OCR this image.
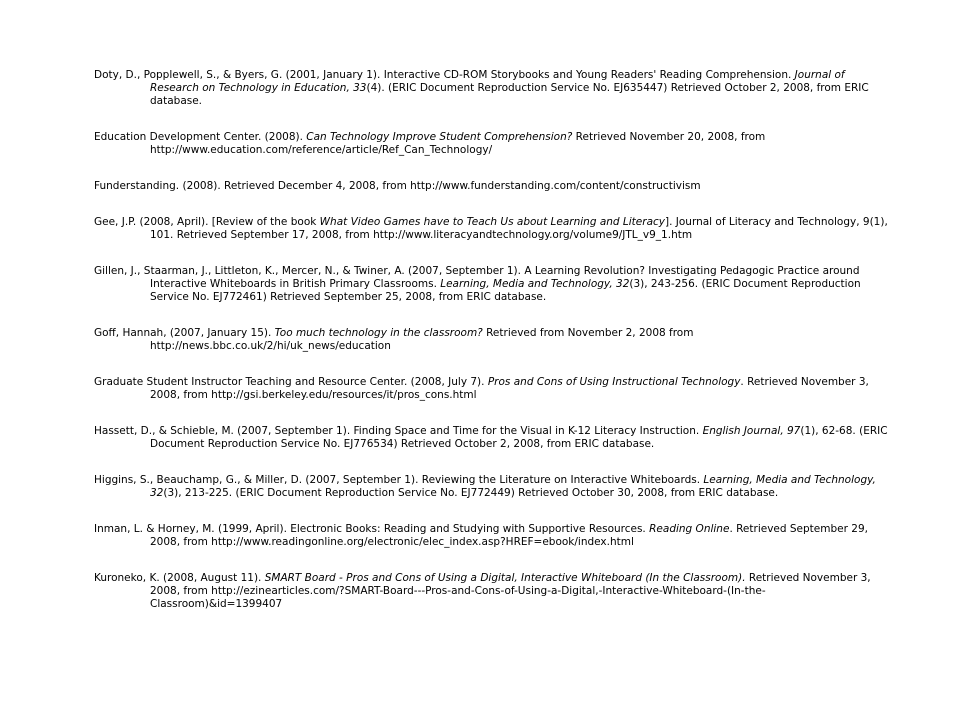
Doty, D., Popplewell, S., & Byers, G. (2001, January 1). Interactive CD-ROM Storybooks and Young Readers' Reading Comprehension. Journal of Research on Technology in Education, 33(4). (ERIC Document Reproduction Service No. EJ635447) Retrieved October 2, 2008, from ERIC database.

Education Development Center. (2008). Can Technology Improve Student Comprehension? Retrieved November 20, 2008, from http://www.education.com/reference/article/Ref_Can_Technology/

Funderstanding. (2008). Retrieved December 4, 2008, from http://www.funderstanding.com/content/constructivism

Gee, J.P. (2008, April). [Review of the book What Video Games have to Teach Us about Learning and Literacy]. Journal of Literacy and Technology, 9(1), 101. Retrieved September 17, 2008, from http://www.literacyandtechnology.org/volume9/JTL_v9_1.htm

Gillen, J., Staarman, J., Littleton, K., Mercer, N., & Twiner, A. (2007, September 1). A Learning Revolution? Investigating Pedagogic Practice around Interactive Whiteboards in British Primary Classrooms. Learning, Media and Technology, 32(3), 243-256. (ERIC Document Reproduction Service No. EJ772461) Retrieved September 25, 2008, from ERIC database.

Goff, Hannah, (2007, January 15). Too much technology in the classroom? Retrieved from November 2, 2008 from http://news.bbc.co.uk/2/hi/uk_news/education

Graduate Student Instructor Teaching and Resource Center. (2008, July 7). Pros and Cons of Using Instructional Technology. Retrieved November 3, 2008, from http://gsi.berkeley.edu/resources/it/pros_cons.html

Hassett, D., & Schieble, M. (2007, September 1). Finding Space and Time for the Visual in K-12 Literacy Instruction. English Journal, 97(1), 62-68. (ERIC Document Reproduction Service No. EJ776534) Retrieved October 2, 2008, from ERIC database.

Higgins, S., Beauchamp, G., & Miller, D. (2007, September 1). Reviewing the Literature on Interactive Whiteboards. Learning, Media and Technology, 32(3), 213-225. (ERIC Document Reproduction Service No. EJ772449) Retrieved October 30, 2008, from ERIC database.

Inman, L. & Horney, M. (1999, April). Electronic Books: Reading and Studying with Supportive Resources. Reading Online. Retrieved September 29, 2008, from http://www.readingonline.org/electronic/elec_index.asp?HREF=ebook/index.html

Kuroneko, K. (2008, August 11). SMART Board - Pros and Cons of Using a Digital, Interactive Whiteboard (In the Classroom). Retrieved November 3, 2008, from http://ezinearticles.com/?SMART-Board---Pros-and-Cons-of-Using-a-Digital,-Interactive-Whiteboard-(In-the-Classroom)&id=1399407
